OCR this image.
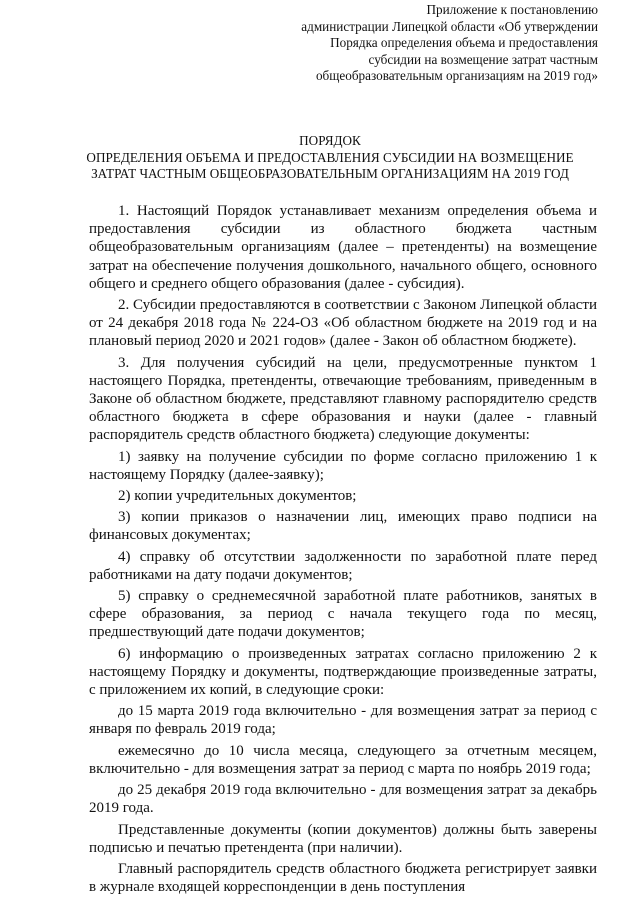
Приложение к постановлению
администрации Липецкой области «Об утверждении
Порядка определения объема и предоставления
субсидии на возмещение затрат частным
общеобразовательным организациям на 2019 год»
ПОРЯДОК
ОПРЕДЕЛЕНИЯ ОБЪЕМА И ПРЕДОСТАВЛЕНИЯ СУБСИДИИ НА ВОЗМЕЩЕНИЕ
ЗАТРАТ ЧАСТНЫМ ОБЩЕОБРАЗОВАТЕЛЬНЫМ ОРГАНИЗАЦИЯМ НА 2019 ГОД

1. Настоящий Порядок устанавливает механизм определения объема и предоставления субсидии из областного бюджета частным общеобразовательным организациям (далее – претенденты) на возмещение затрат на обеспечение получения дошкольного, начального общего, основного общего и среднего общего образования (далее - субсидия).

2. Субсидии предоставляются в соответствии с Законом Липецкой области от 24 декабря 2018 года № 224-ОЗ «Об областном бюджете на 2019 год и на плановый период 2020 и 2021 годов» (далее - Закон об областном бюджете).

3. Для получения субсидий на цели, предусмотренные пунктом 1 настоящего Порядка, претенденты, отвечающие требованиям, приведенным в Законе об областном бюджете, представляют главному распорядителю средств областного бюджета в сфере образования и науки (далее - главный распорядитель средств областного бюджета) следующие документы:

1) заявку на получение субсидии по форме согласно приложению 1 к настоящему Порядку (далее-заявку);

2) копии учредительных документов;

3) копии приказов о назначении лиц, имеющих право подписи на финансовых документах;

4) справку об отсутствии задолженности по заработной плате перед работниками на дату подачи документов;

5) справку о среднемесячной заработной плате работников, занятых в сфере образования, за период с начала текущего года по месяц, предшествующий дате подачи документов;

6) информацию о произведенных затратах согласно приложению 2 к настоящему Порядку и документы, подтверждающие произведенные затраты, с приложением их копий, в следующие сроки:

до 15 марта 2019 года включительно - для возмещения затрат за период с января по февраль 2019 года;

ежемесячно до 10 числа месяца, следующего за отчетным месяцем, включительно - для возмещения затрат за период с марта по ноябрь 2019 года;

до 25 декабря 2019 года включительно - для возмещения затрат за декабрь 2019 года.

Представленные документы (копии документов) должны быть заверены подписью и печатью претендента (при наличии).

Главный распорядитель средств областного бюджета регистрирует заявки в журнале входящей корреспонденции в день поступления
